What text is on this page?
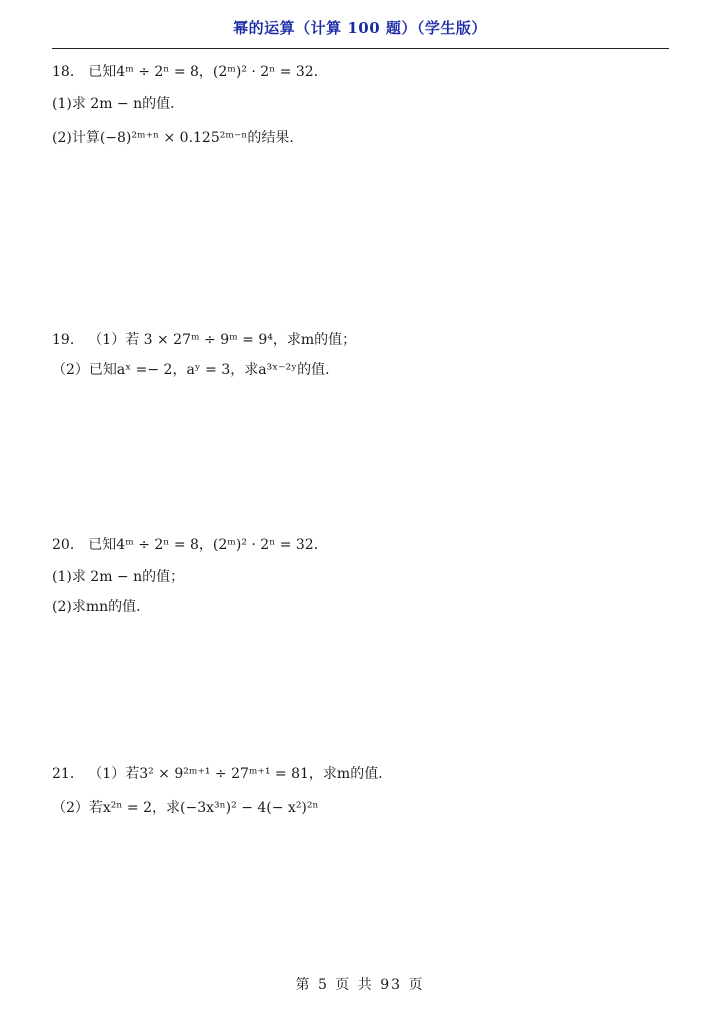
幂的运算（计算 100 题）（学生版）
18． 已知4ᵐ ÷ 2ⁿ = 8，(2ᵐ)² · 2ⁿ = 32．
(1)求 2m − n的值．
(2)计算(−8)²ᵐ⁺ⁿ × 0.125²ᵐ⁻ⁿ的结果．
19． （1）若 3 × 27ᵐ ÷ 9ᵐ = 9⁴，求m的值；
（2）已知aˣ =− 2，aʸ = 3，求a³ˣ⁻²ʸ的值．
20． 已知4ᵐ ÷ 2ⁿ = 8，(2ᵐ)² · 2ⁿ = 32．
(1)求 2m − n的值；
(2)求mn的值．
21． （1）若3² × 9²ᵐ⁺¹ ÷ 27ᵐ⁺¹ = 81，求m的值．
（2）若x²ⁿ = 2，求(−3x³ⁿ)² − 4(− x²)²ⁿ
第 5 页 共 93 页
